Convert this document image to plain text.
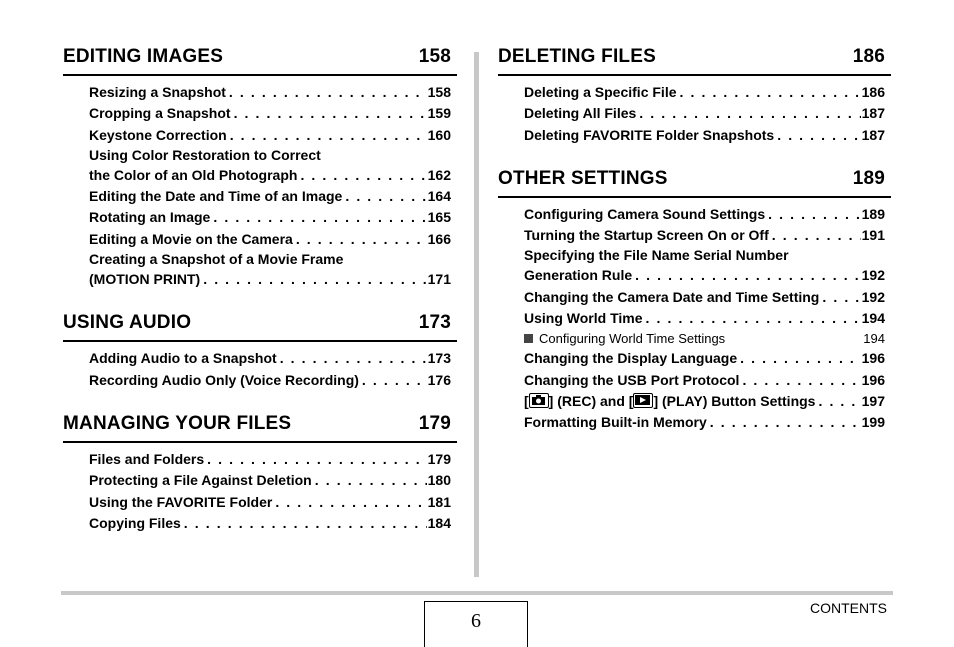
EDITING IMAGES	158
Resizing a Snapshot . . .	158
Cropping a Snapshot . . .	159
Keystone Correction . . .	160
Using Color Restoration to Correct
the Color of an Old Photograph . . .	162
Editing the Date and Time of an Image . . .	164
Rotating an Image . . .	165
Editing a Movie on the Camera . . .	166
Creating a Snapshot of a Movie Frame
(MOTION PRINT) . . .	171
USING AUDIO	173
Adding Audio to a Snapshot . . .	173
Recording Audio Only (Voice Recording) . . .	176
MANAGING YOUR FILES	179
Files and Folders . . .	179
Protecting a File Against Deletion . . .	180
Using the FAVORITE Folder . . .	181
Copying Files . . .	184
DELETING FILES	186
Deleting a Specific File . . .	186
Deleting All Files . . .	187
Deleting FAVORITE Folder Snapshots . . .	187
OTHER SETTINGS	189
Configuring Camera Sound Settings . . .	189
Turning the Startup Screen On or Off . . .	191
Specifying the File Name Serial Number
Generation Rule . . .	192
Changing the Camera Date and Time Setting . . .	192
Using World Time . . .	194
Configuring World Time Settings	194
Changing the Display Language . . .	196
Changing the USB Port Protocol . . .	196
[ ] (REC) and [ ] (PLAY) Button Settings . . .	197
Formatting Built-in Memory . . .	199
6
CONTENTS
